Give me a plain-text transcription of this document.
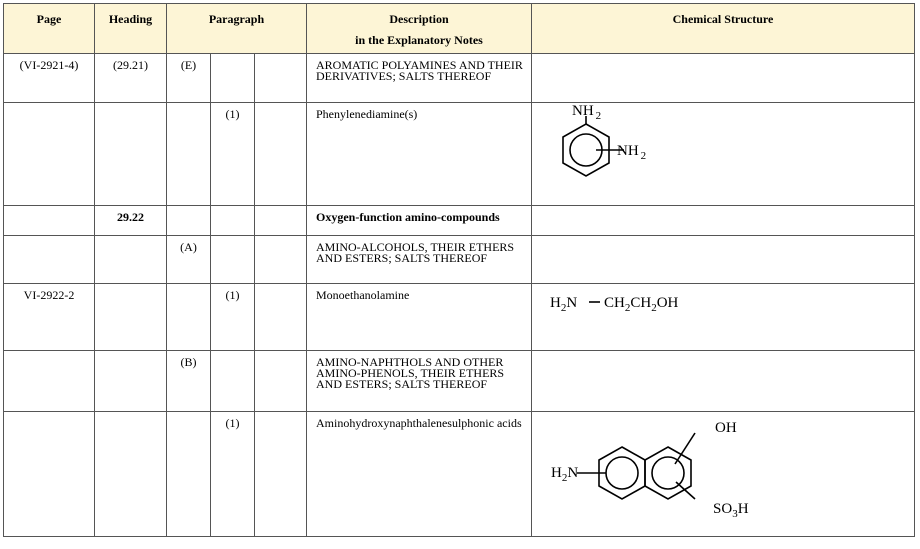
Page	Heading	Paragraph			Description
in the Explanatory Notes	Chemical Structure

(VI-2921-4)	(29.21)	(E)			AROMATIC POLYAMINES AND THEIR DERIVATIVES; SALTS THEREOF	
			(1)		Phenylenediamine(s)	NH $_2$
NH $_2$

	29.22				Oxygen-function amino-compounds	
		(A)			AMINO-ALCOHOLS, THEIR ETHERS AND ESTERS; SALTS THEREOF	
VI-2922-2			(1)		Monoethanolamine	$H_2N$ $CH_2CH_2OH$

		(B)			AMINO-NAPHTHOLS AND OTHER AMINO-PHENOLS, THEIR ETHERS AND ESTERS; SALTS THEREOF	
			(1)		Aminohydroxynaphthalenesulphonic acids	OH
$H_2N$
$SO_3H$
